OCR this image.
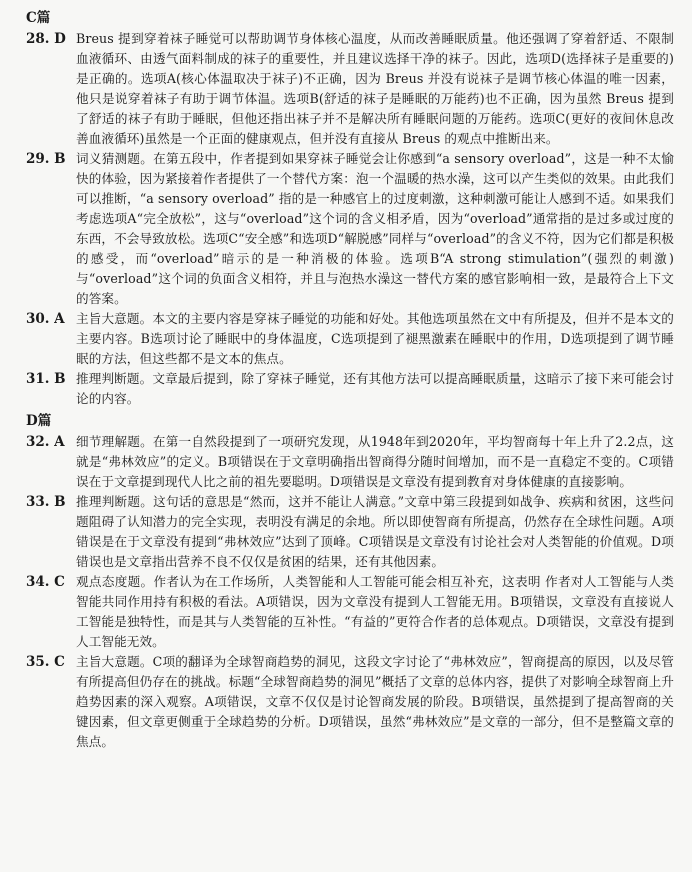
C篇
28. D Breus 提到穿着袜子睡觉可以帮助调节身体核心温度，从而改善睡眠质量。他还强调了穿着舒适、不限制血液循环、由透气面料制成的袜子的重要性，并且建议选择干净的袜子。因此，选项D(选择袜子是重要的)是正确的。选项A(核心体温取决于袜子)不正确，因为 Breus 并没有说袜子是调节核心体温的唯一因素，他只是说穿着袜子有助于调节体温。选项B(舒适的袜子是睡眠的万能药)也不正确，因为虽然 Breus 提到了舒适的袜子有助于睡眠，但他还指出袜子并不是解决所有睡眠问题的万能药。选项C(更好的夜间休息改善血液循环)虽然是一个正面的健康观点，但并没有直接从 Breus 的观点中推断出来。
29. B 词义猜测题。在第五段中，作者提到如果穿袜子睡觉会让你感到“a sensory overload”，这是一种不太愉快的体验，因为紧接着作者提供了一个替代方案：泡一个温暖的热水澡，这可以产生类似的效果。由此我们可以推断，“a sensory overload” 指的是一种感官上的过度刺激，这种刺激可能让人感到不适。如果我们考虑选项A“完全放松”，这与“overload”这个词的含义相矛盾，因为“overload”通常指的是过多或过度的东西，不会导致放松。选项C“安全感”和选项D“解脱感”同样与“overload”的含义不符，因为它们都是积极的感受，而“overload”暗示的是一种消极的体验。选项B“A strong stimulation”(强烈的刺激)与“overload”这个词的负面含义相符，并且与泡热水澡这一替代方案的感官影响相一致，是最符合上下文的答案。
30. A 主旨大意题。本文的主要内容是穿袜子睡觉的功能和好处。其他选项虽然在文中有所提及，但并不是本文的主要内容。B选项讨论了睡眠中的身体温度，C选项提到了褪黑激素在睡眠中的作用，D选项提到了调节睡眠的方法，但这些都不是文本的焦点。
31. B 推理判断题。文章最后提到，除了穿袜子睡觉，还有其他方法可以提高睡眠质量，这暗示了接下来可能会讨论的内容。
D篇
32. A 细节理解题。在第一自然段提到了一项研究发现，从1948年到2020年，平均智商每十年上升了2.2点，这就是“弗林效应”的定义。B项错误在于文章明确指出智商得分随时间增加，而不是一直稳定不变的。C项错误在于文章提到现代人比之前的祖先要聪明。D项错误是文章没有提到教育对身体健康的直接影响。
33. B 推理判断题。这句话的意思是“然而，这并不能让人满意。”文章中第三段提到如战争、疾病和贫困，这些问题阻碍了认知潜力的完全实现，表明没有满足的余地。所以即使智商有所提高，仍然存在全球性问题。A项错误是在于文章没有提到“弗林效应”达到了顶峰。C项错误是文章没有讨论社会对人类智能的价值观。D项错误也是文章指出营养不良不仅仅是贫困的结果，还有其他因素。
34. C 观点态度题。作者认为在工作场所，人类智能和人工智能可能会相互补充，这表明 作者对人工智能与人类智能共同作用持有积极的看法。A项错误，因为文章没有提到人工智能无用。B项错误，文章没有直接说人工智能是独特性，而是其与人类智能的互补性。“有益的”更符合作者的总体观点。D项错误，文章没有提到人工智能无效。
35. C 主旨大意题。C项的翻译为全球智商趋势的洞见，这段文字讨论了“弗林效应”，智商提高的原因，以及尽管有所提高但仍存在的挑战。标题“全球智商趋势的洞见”概括了文章的总体内容，提供了对影响全球智商上升趋势因素的深入观察。A项错误，文章不仅仅是讨论智商发展的阶段。B项错误，虽然提到了提高智商的关键因素，但文章更侧重于全球趋势的分析。D项错误，虽然“弗林效应”是文章的一部分，但不是整篇文章的焦点。
